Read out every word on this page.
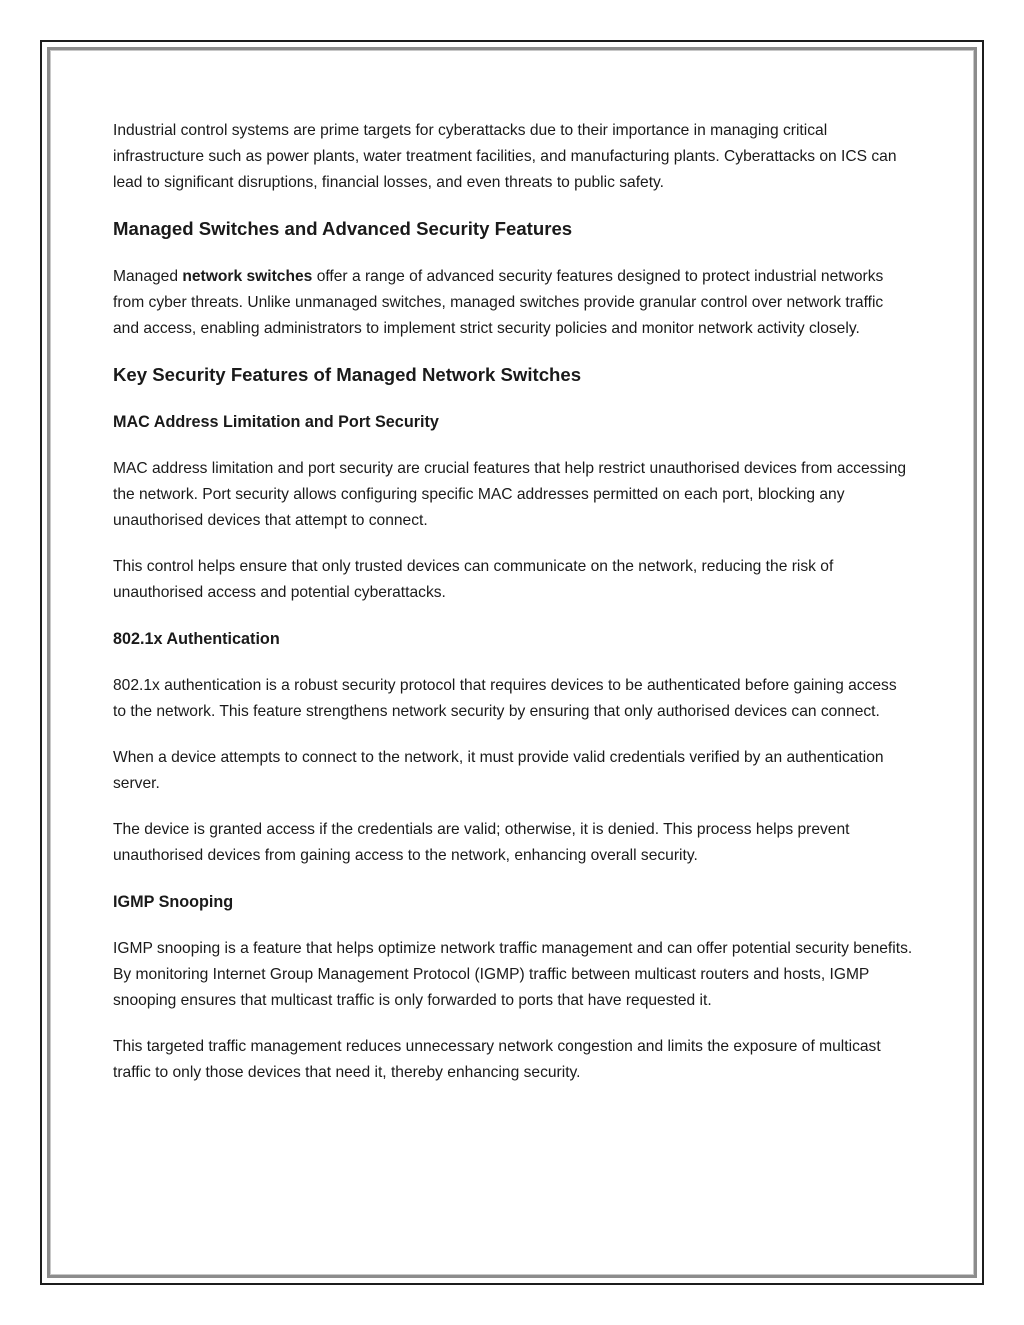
Industrial control systems are prime targets for cyberattacks due to their importance in managing critical infrastructure such as power plants, water treatment facilities, and manufacturing plants. Cyberattacks on ICS can lead to significant disruptions, financial losses, and even threats to public safety.

Managed Switches and Advanced Security Features

Managed network switches offer a range of advanced security features designed to protect industrial networks from cyber threats. Unlike unmanaged switches, managed switches provide granular control over network traffic and access, enabling administrators to implement strict security policies and monitor network activity closely.

Key Security Features of Managed Network Switches
MAC Address Limitation and Port Security

MAC address limitation and port security are crucial features that help restrict unauthorised devices from accessing the network. Port security allows configuring specific MAC addresses permitted on each port, blocking any unauthorised devices that attempt to connect.

This control helps ensure that only trusted devices can communicate on the network, reducing the risk of unauthorised access and potential cyberattacks.

802.1x Authentication

802.1x authentication is a robust security protocol that requires devices to be authenticated before gaining access to the network. This feature strengthens network security by ensuring that only authorised devices can connect.

When a device attempts to connect to the network, it must provide valid credentials verified by an authentication server.

The device is granted access if the credentials are valid; otherwise, it is denied. This process helps prevent unauthorised devices from gaining access to the network, enhancing overall security.

IGMP Snooping

IGMP snooping is a feature that helps optimize network traffic management and can offer potential security benefits. By monitoring Internet Group Management Protocol (IGMP) traffic between multicast routers and hosts, IGMP snooping ensures that multicast traffic is only forwarded to ports that have requested it.

This targeted traffic management reduces unnecessary network congestion and limits the exposure of multicast traffic to only those devices that need it, thereby enhancing security.
